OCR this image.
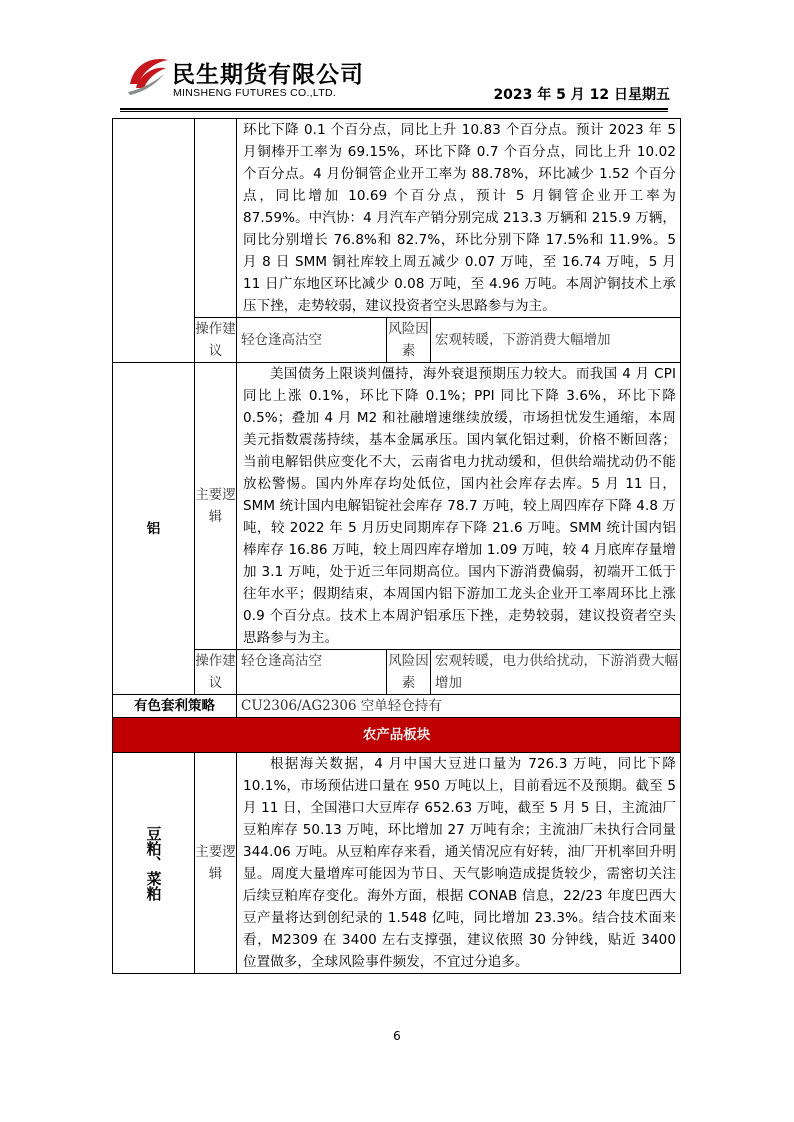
民生期货有限公司
MINSHENG FUTURES CO.,LTD.	2023 年 5 月 12 日星期五
		环比下降 0.1 个百分点，同比上升 10.83 个百分点。预计 2023 年 5 月铜棒开工率为 69.15%，环比下降 0.7 个百分点，同比上升 10.02 个百分点。4 月份铜管企业开工率为 88.78%，环比减少 1.52 个百分点，同比增加 10.69 个百分点，预计 5 月铜管企业开工率为 87.59%。中汽协：4 月汽车产销分别完成 213.3 万辆和 215.9 万辆，同比分别增长 76.8%和 82.7%，环比分别下降 17.5%和 11.9%。5 月 8 日 SMM 铜社库较上周五减少 0.07 万吨，至 16.74 万吨，5 月 11 日广东地区环比减少 0.08 万吨，至 4.96 万吨。本周沪铜技术上承压下挫，走势较弱，建议投资者空头思路参与为主。		
	操作建议	轻仓逢高沽空	风险因素	宏观转暖，下游消费大幅增加
铝	主要逻辑	美国债务上限谈判僵持，海外衰退预期压力较大。而我国 4 月 CPI 同比上涨 0.1%，环比下降 0.1%；PPI 同比下降 3.6%，环比下降 0.5%；叠加 4 月 M2 和社融增速继续放缓，市场担忧发生通缩，本周美元指数震荡持续，基本金属承压。国内氧化铝过剩，价格不断回落；当前电解铝供应变化不大，云南省电力扰动缓和，但供给端扰动仍不能放松警惕。国内外库存均处低位，国内社会库存去库。5 月 11 日，SMM 统计国内电解铝锭社会库存 78.7 万吨，较上周四库存下降 4.8 万吨，较 2022 年 5 月历史同期库存下降 21.6 万吨。SMM 统计国内铝棒库存 16.86 万吨，较上周四库存增加 1.09 万吨，较 4 月底库存量增加 3.1 万吨，处于近三年同期高位。国内下游消费偏弱，初端开工低于往年水平；假期结束，本周国内铝下游加工龙头企业开工率周环比上涨 0.9 个百分点。技术上本周沪铝承压下挫，走势较弱，建议投资者空头思路参与为主。		
	操作建议	轻仓逢高沽空	风险因素	宏观转暖，电力供给扰动，下游消费大幅增加
有色套利策略		CU2306/AG2306 空单轻仓持有		
农产品板块				

豆粕、菜粕	主要逻辑	根据海关数据，4 月中国大豆进口量为 726.3 万吨，同比下降 10.1%，市场预估进口量在 950 万吨以上，目前看远不及预期。截至 5 月 11 日，全国港口大豆库存 652.63 万吨，截至 5 月 5 日，主流油厂豆粕库存 50.13 万吨，环比增加 27 万吨有余；主流油厂未执行合同量 344.06 万吨。从豆粕库存来看，通关情况应有好转，油厂开机率回升明显。周度大量增库可能因为节日、天气影响造成提货较少，需密切关注后续豆粕库存变化。海外方面，根据 CONAB 信息，22/23 年度巴西大豆产量将达到创纪录的 1.548 亿吨，同比增加 23.3%。结合技术面来看，M2309 在 3400 左右支撑强，建议依照 30 分钟线，贴近 3400 位置做多，全球风险事件频发，不宜过分追多。		
6
